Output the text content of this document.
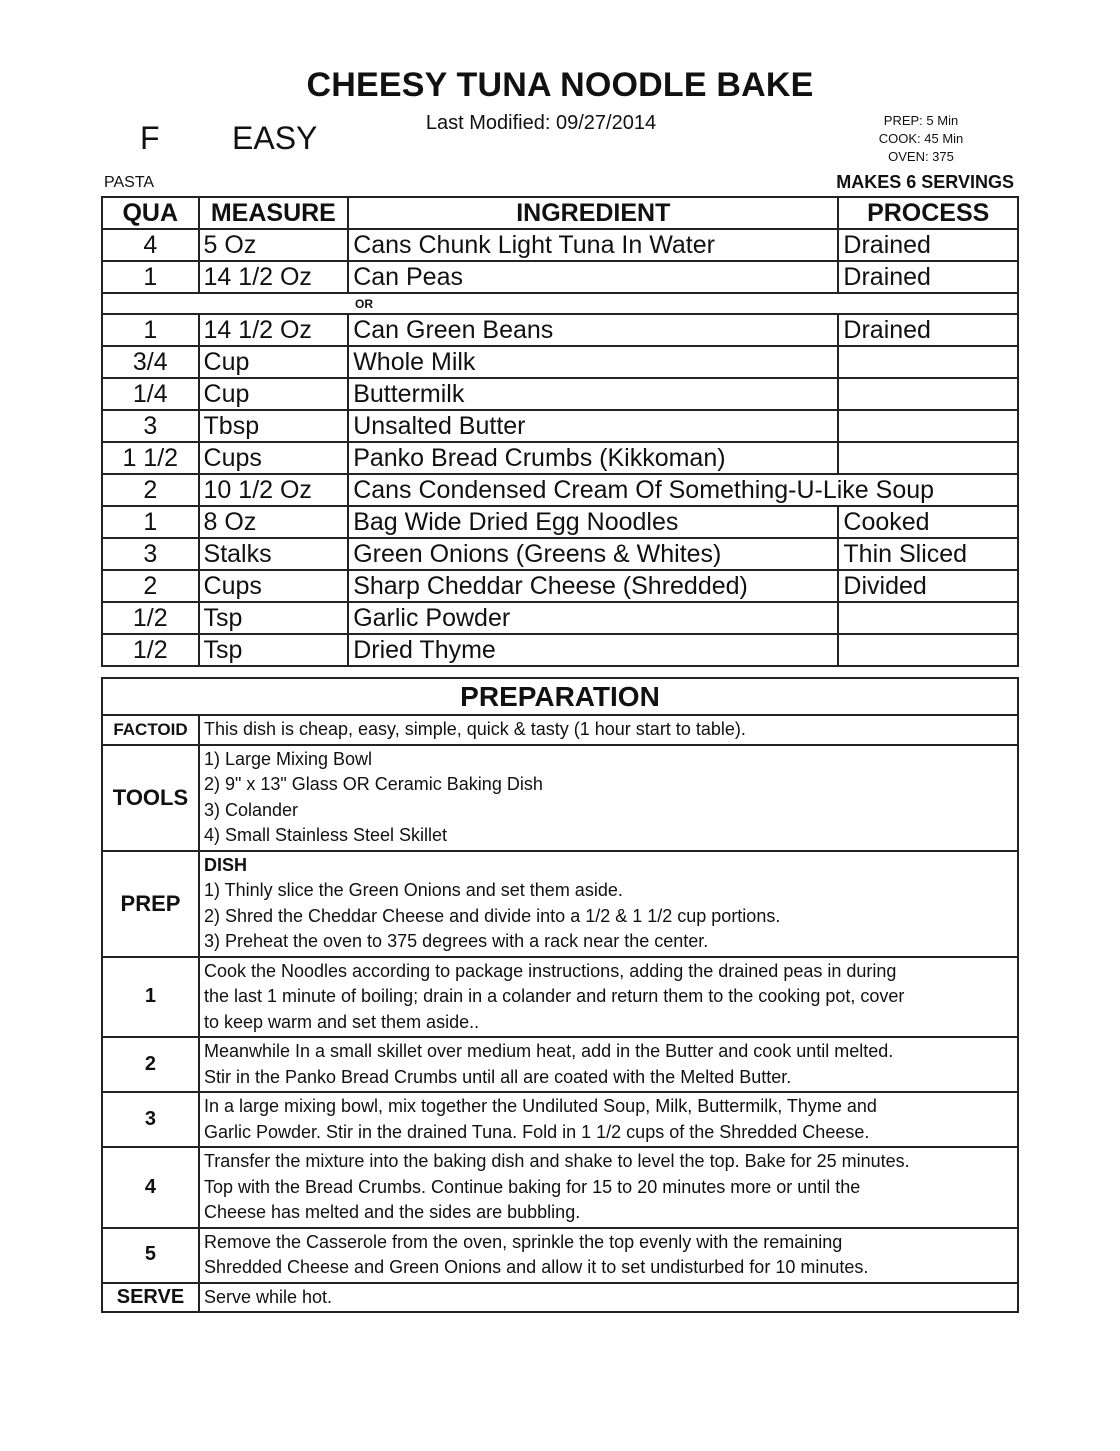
CHEESY TUNA NOODLE BAKE
Last Modified: 09/27/2014
F EASY	PREP: 5 Min
COOK: 45 Min
OVEN: 375
PASTA	MAKES 6 SERVINGS
QUA	MEASURE	INGREDIENT	PROCESS
4	5 Oz	Cans Chunk Light Tuna In Water	Drained
1	14 1/2 Oz	Can Peas	Drained
OR			
1	14 1/2 Oz	Can Green Beans	Drained
3/4	Cup	Whole Milk	
1/4	Cup	Buttermilk	
3	Tbsp	Unsalted Butter	
1 1/2	Cups	Panko Bread Crumbs (Kikkoman)	
2	10 1/2 Oz	Cans Condensed Cream Of Something-U-Like Soup	
1	8 Oz	Bag Wide Dried Egg Noodles	Cooked
3	Stalks	Green Onions (Greens & Whites)	Thin Sliced
2	Cups	Sharp Cheddar Cheese (Shredded)	Divided
1/2	Tsp	Garlic Powder	
1/2	Tsp	Dried Thyme	
PREPARATION	
FACTOID	This dish is cheap, easy, simple, quick & tasty (1 hour start to table).
TOOLS	1) Large Mixing Bowl
2) 9" x 13" Glass OR Ceramic Baking Dish
3) Colander
4) Small Stainless Steel Skillet

PREP	DISH
1) Thinly slice the Green Onions and set them aside.
2) Shred the Cheddar Cheese and divide into a 1/2 & 1 1/2 cup portions.
3) Preheat the oven to 375 degrees with a rack near the center.

1	Cook the Noodles according to package instructions, adding the drained peas in during
the last 1 minute of boiling; drain in a colander and return them to the cooking pot, cover
to keep warm and set them aside..

2	Meanwhile In a small skillet over medium heat, add in the Butter and cook until melted.
Stir in the Panko Bread Crumbs until all are coated with the Melted Butter.

3	In a large mixing bowl, mix together the Undiluted Soup, Milk, Buttermilk, Thyme and
Garlic Powder. Stir in the drained Tuna. Fold in 1 1/2 cups of the Shredded Cheese.

4	Transfer the mixture into the baking dish and shake to level the top. Bake for 25 minutes.
Top with the Bread Crumbs. Continue baking for 15 to 20 minutes more or until the
Cheese has melted and the sides are bubbling.

5	Remove the Casserole from the oven, sprinkle the top evenly with the remaining
Shredded Cheese and Green Onions and allow it to set undisturbed for 10 minutes.

SERVE	Serve while hot.
